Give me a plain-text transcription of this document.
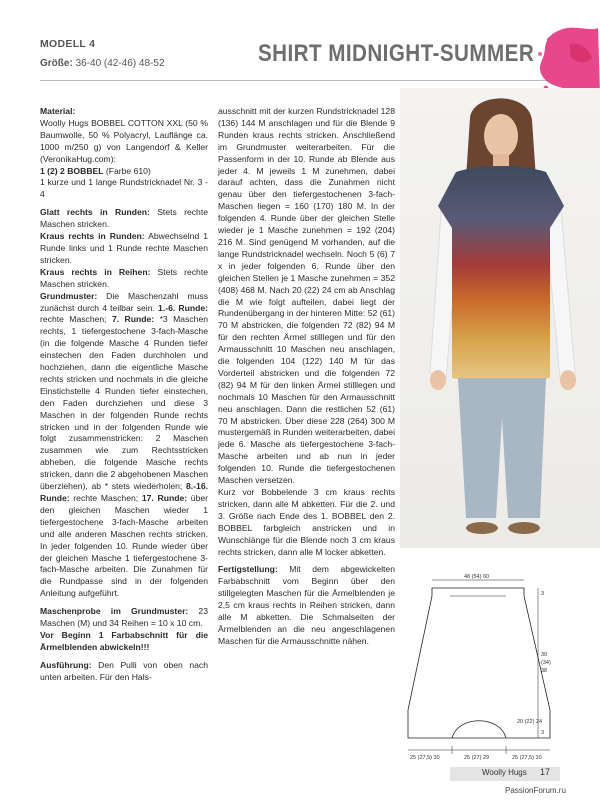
MODELL 4
Größe: 36-40 (42-46) 48-52	SHIRT MIDNIGHT-SUMMER

Material:

Woolly Hugs BOBBEL COTTON XXL (50 % Baumwolle, 50 % Polyacryl, Lauflänge ca. 1000 m/250 g) von Langendorf & Keller (VeronikaHug.com):

1 (2) 2 BOBBEL (Farbe 610)

1 kurze und 1 lange Rundstricknadel Nr. 3 - 4

Glatt rechts in Runden: Stets rechte Maschen stricken.

Kraus rechts in Runden: Abwechselnd 1 Runde links und 1 Runde rechte Maschen stricken.

Kraus rechts in Reihen: Stets rechte Maschen stricken.

Grundmuster: Die Maschenzahl muss zunächst durch 4 teilbar sein. 1.-6. Runde: rechte Maschen; 7. Runde: *3 Maschen rechts, 1 tiefergestochene 3-fach-Masche (in die folgende Masche 4 Runden tiefer einstechen den Faden durchholen und hochziehen, dann die eigentliche Masche rechts stricken und nochmals in die gleiche Einstichstelle 4 Runden tiefer einstechen, den Faden durchziehen und diese 3 Maschen in der folgenden Runde rechts stricken und in der folgenden Runde wie folgt zusammenstricken: 2 Maschen zusammen wie zum Rechtsstricken abheben, die folgende Masche rechts stricken, dann die 2 abgehobenen Maschen überziehen), ab * stets wiederholen; 8.-16. Runde: rechte Maschen; 17. Runde: über den gleichen Maschen wieder 1 tiefergestochene 3-fach-Masche arbeiten und alle anderen Maschen rechts stricken. In jeder folgenden 10. Runde wieder über der gleichen Masche 1 tiefergestochene 3-fach-Masche arbeiten. Die Zunahmen für die Rundpasse sind in der folgenden Anleitung aufgeführt.

Maschenprobe im Grundmuster: 23 Maschen (M) und 34 Reihen = 10 x 10 cm.

Vor Beginn 1 Farbabschnitt für die Ärmelblenden abwickeln!!!

Ausführung: Den Pulli von oben nach unten arbeiten. Für den Hals-

ausschnitt mit der kurzen Rundstricknadel 128 (136) 144 M anschlagen und für die Blende 9 Runden kraus rechts stricken. Anschließend im Grundmuster weiterarbeiten. Für die Passenform in der 10. Runde ab Blende aus jeder 4. M jeweils 1 M zunehmen, dabei darauf achten, dass die Zunahmen nicht genau über den tiefergestochenen 3-fach-Maschen liegen = 160 (170) 180 M. In der folgenden 4. Runde über der gleichen Stelle wieder je 1 Masche zunehmen = 192 (204) 216 M. Sind genügend M vorhanden, auf die lange Rundstricknadel wechseln. Noch 5 (6) 7 x in jeder folgenden 6. Runde über den gleichen Stellen je 1 Masche zunehmen = 352 (408) 468 M. Nach 20 (22) 24 cm ab Anschlag die M wie folgt aufteilen, dabei liegt der Rundenübergang in der hinteren Mitte: 52 (61) 70 M abstricken, die folgenden 72 (82) 94 M für den rechten Ärmel stilllegen und für den Armausschnitt 10 Maschen neu anschlagen, die folgenden 104 (122) 140 M für das Vorderteil abstricken und die folgenden 72 (82) 94 M für den linken Ärmel stilllegen und nochmals 10 Maschen für den Armausschnitt neu anschlagen. Dann die restlichen 52 (61) 70 M abstricken. Über diese 228 (264) 300 M mustergemäß in Runden weiterarbeiten, dabei jede 6. Masche als tiefergestochene 3-fach-Masche arbeiten und ab nun in jeder folgenden 10. Runde die tiefergestochenen Maschen versetzen.

Kurz vor Bobbelende 3 cm kraus rechts stricken, dann alle M abketten. Für die 2. und 3. Größe nach Ende des 1. BOBBEL den 2. BOBBEL farbgleich anstricken und in Wunschlänge für die Blende noch 3 cm kraus rechts stricken, dann alle M locker abketten.

Fertigstellung: Mit dem abgewickelten Farbabschnitt vom Beginn über den stillgelegten Maschen für die Ärmelblenden je 2,5 cm kraus rechts in Reihen stricken, dann alle M abketten. Die Schmalseiten der Ärmelblenden an die neu angeschlagenen Maschen für die Armausschnitte nähen.

48 (54) 60
3
30
(34)
38
3
20 (22) 24
25 (27,5) 30	25 (27) 29	25 (27,5) 30
Woolly Hugs 17
PassionForum.ru
